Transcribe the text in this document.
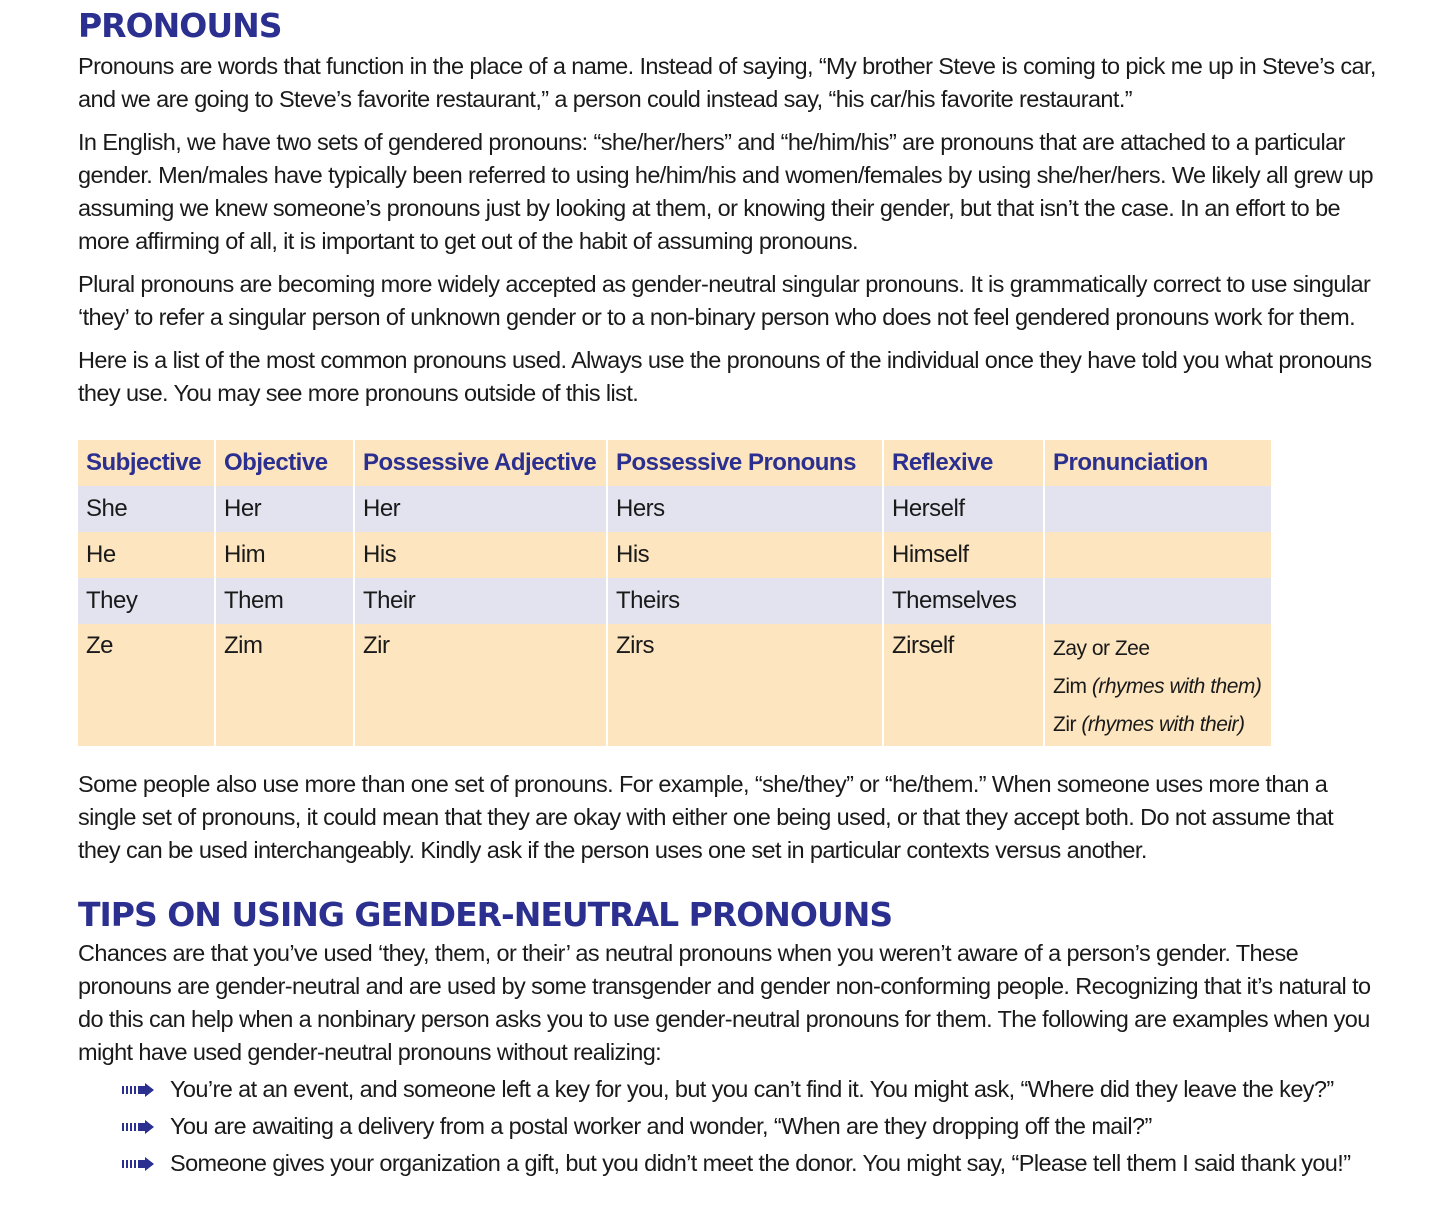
PRONOUNS

Pronouns are words that function in the place of a name. Instead of saying, “My brother Steve is coming to pick me up in Steve’s car, and we are going to Steve’s favorite restaurant,” a person could instead say, “his car/his favorite restaurant.”

In English, we have two sets of gendered pronouns: “she/her/hers” and “he/him/his” are pronouns that are attached to a particular gender. Men/males have typically been referred to using he/him/his and women/females by using she/her/hers. We likely all grew up assuming we knew someone’s pronouns just by looking at them, or knowing their gender, but that isn’t the case. In an effort to be more affirming of all, it is important to get out of the habit of assuming pronouns.

Plural pronouns are becoming more widely accepted as gender-neutral singular pronouns. It is grammatically correct to use singular ‘they’ to refer a singular person of unknown gender or to a non-binary person who does not feel gendered pronouns work for them.

Here is a list of the most common pronouns used. Always use the pronouns of the individual once they have told you what pronouns they use. You may see more pronouns outside of this list.

Subjective	Objective	Possessive Adjective	Possessive Pronouns	Reflexive	Pronunciation
She	Her	Her	Hers	Herself	
He	Him	His	His	Himself	
They	Them	Their	Theirs	Themselves	
Ze	Zim	Zir	Zirs	Zirself	Zay or Zee
Zim (rhymes with them)
Zir (rhymes with their)

Some people also use more than one set of pronouns. For example, “she/they” or “he/them.” When someone uses more than a single set of pronouns, it could mean that they are okay with either one being used, or that they accept both. Do not assume that they can be used interchangeably. Kindly ask if the person uses one set in particular contexts versus another.

TIPS ON USING GENDER-NEUTRAL PRONOUNS

Chances are that you’ve used ‘they, them, or their’ as neutral pronouns when you weren’t aware of a person’s gender. These pronouns are gender-neutral and are used by some transgender and gender non-conforming people. Recognizing that it’s natural to do this can help when a nonbinary person asks you to use gender-neutral pronouns for them. The following are examples when you might have used gender-neutral pronouns without realizing:

You’re at an event, and someone left a key for you, but you can’t find it. You might ask, “Where did they leave the key?”
You are awaiting a delivery from a postal worker and wonder, “When are they dropping off the mail?”
Someone gives your organization a gift, but you didn’t meet the donor. You might say, “Please tell them I said thank you!”
